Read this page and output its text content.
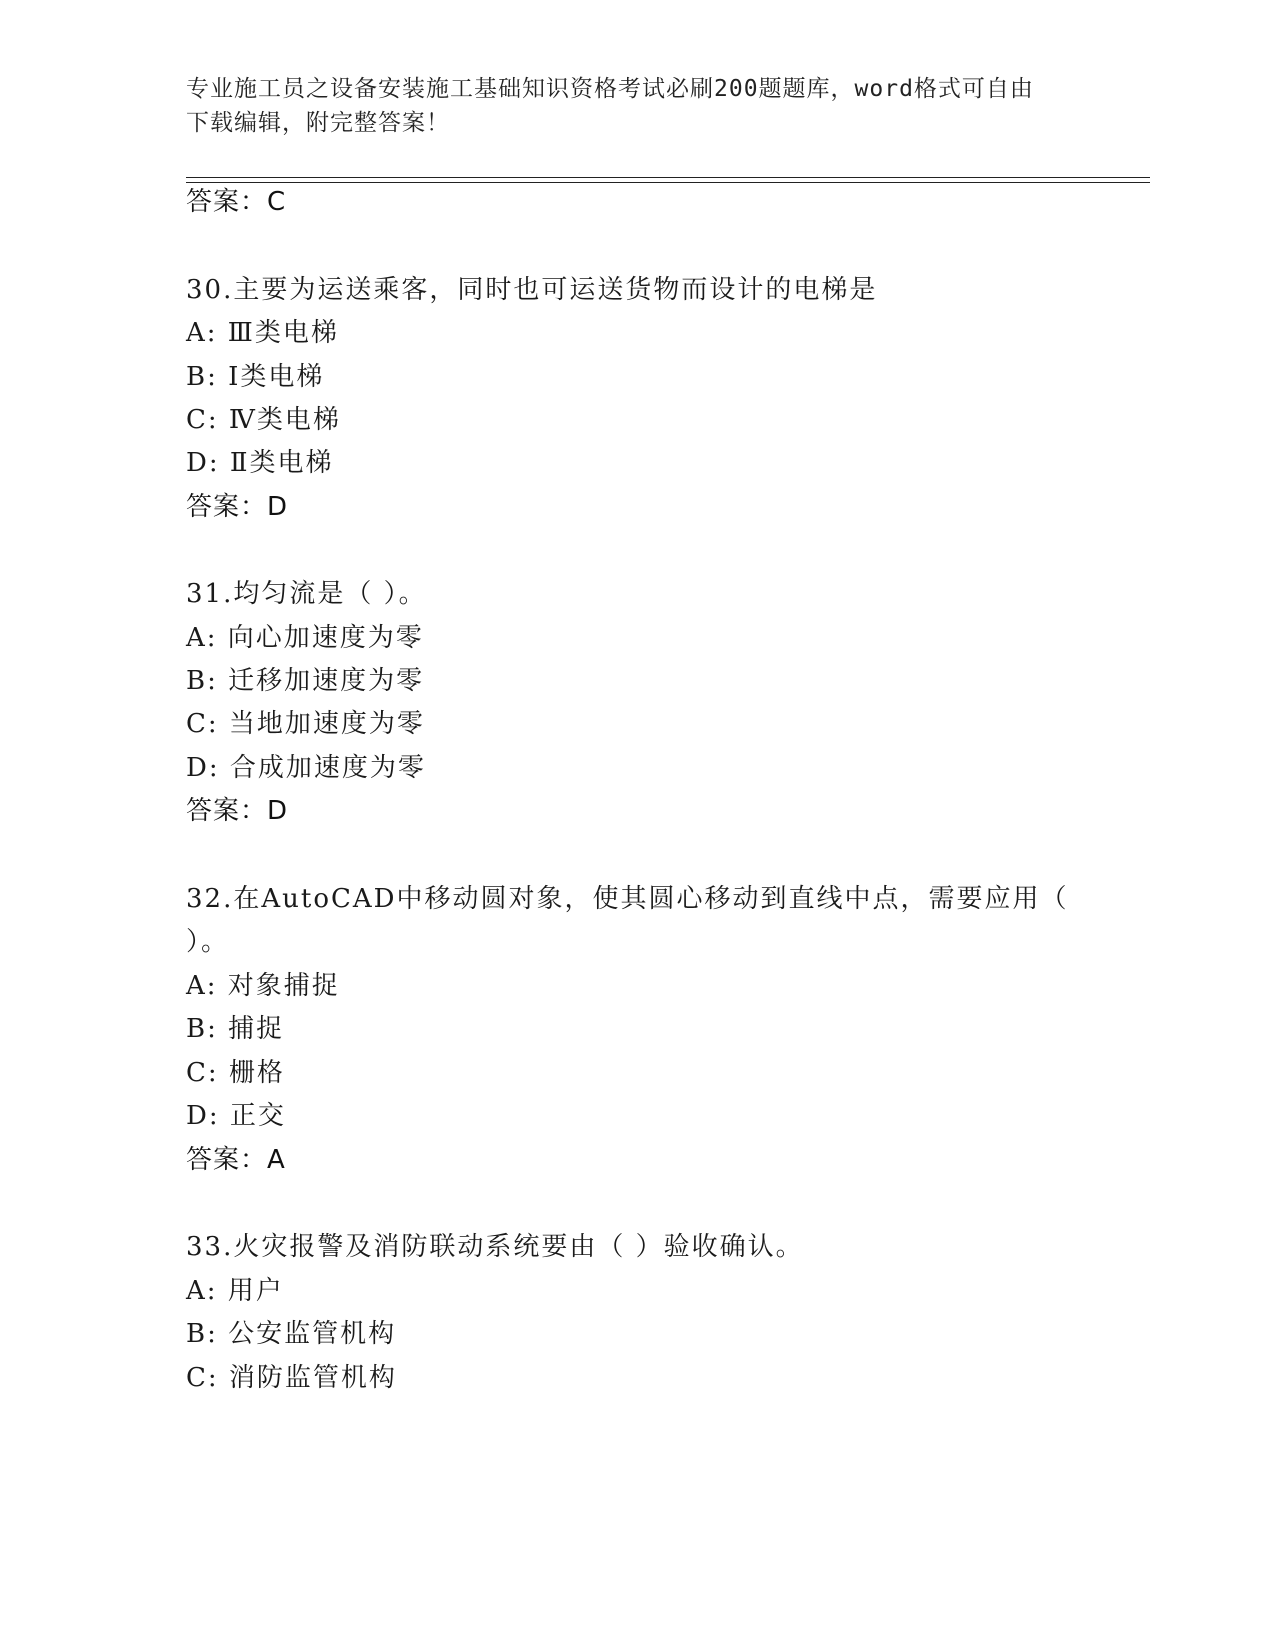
专业施工员之设备安装施工基础知识资格考试必刷200题题库，word格式可自由
下载编辑，附完整答案！
答案：C
30.主要为运送乘客，同时也可运送货物而设计的电梯是
A: Ⅲ类电梯
B: Ⅰ类电梯
C: Ⅳ类电梯
D: Ⅱ类电梯
答案：D
31.均匀流是（ ）。
A: 向心加速度为零
B: 迁移加速度为零
C: 当地加速度为零
D: 合成加速度为零
答案：D
32.在AutoCAD中移动圆对象，使其圆心移动到直线中点，需要应用（
）。
A: 对象捕捉
B: 捕捉
C: 栅格
D: 正交
答案：A
33.火灾报警及消防联动系统要由（ ）验收确认。
A: 用户
B: 公安监管机构
C: 消防监管机构
